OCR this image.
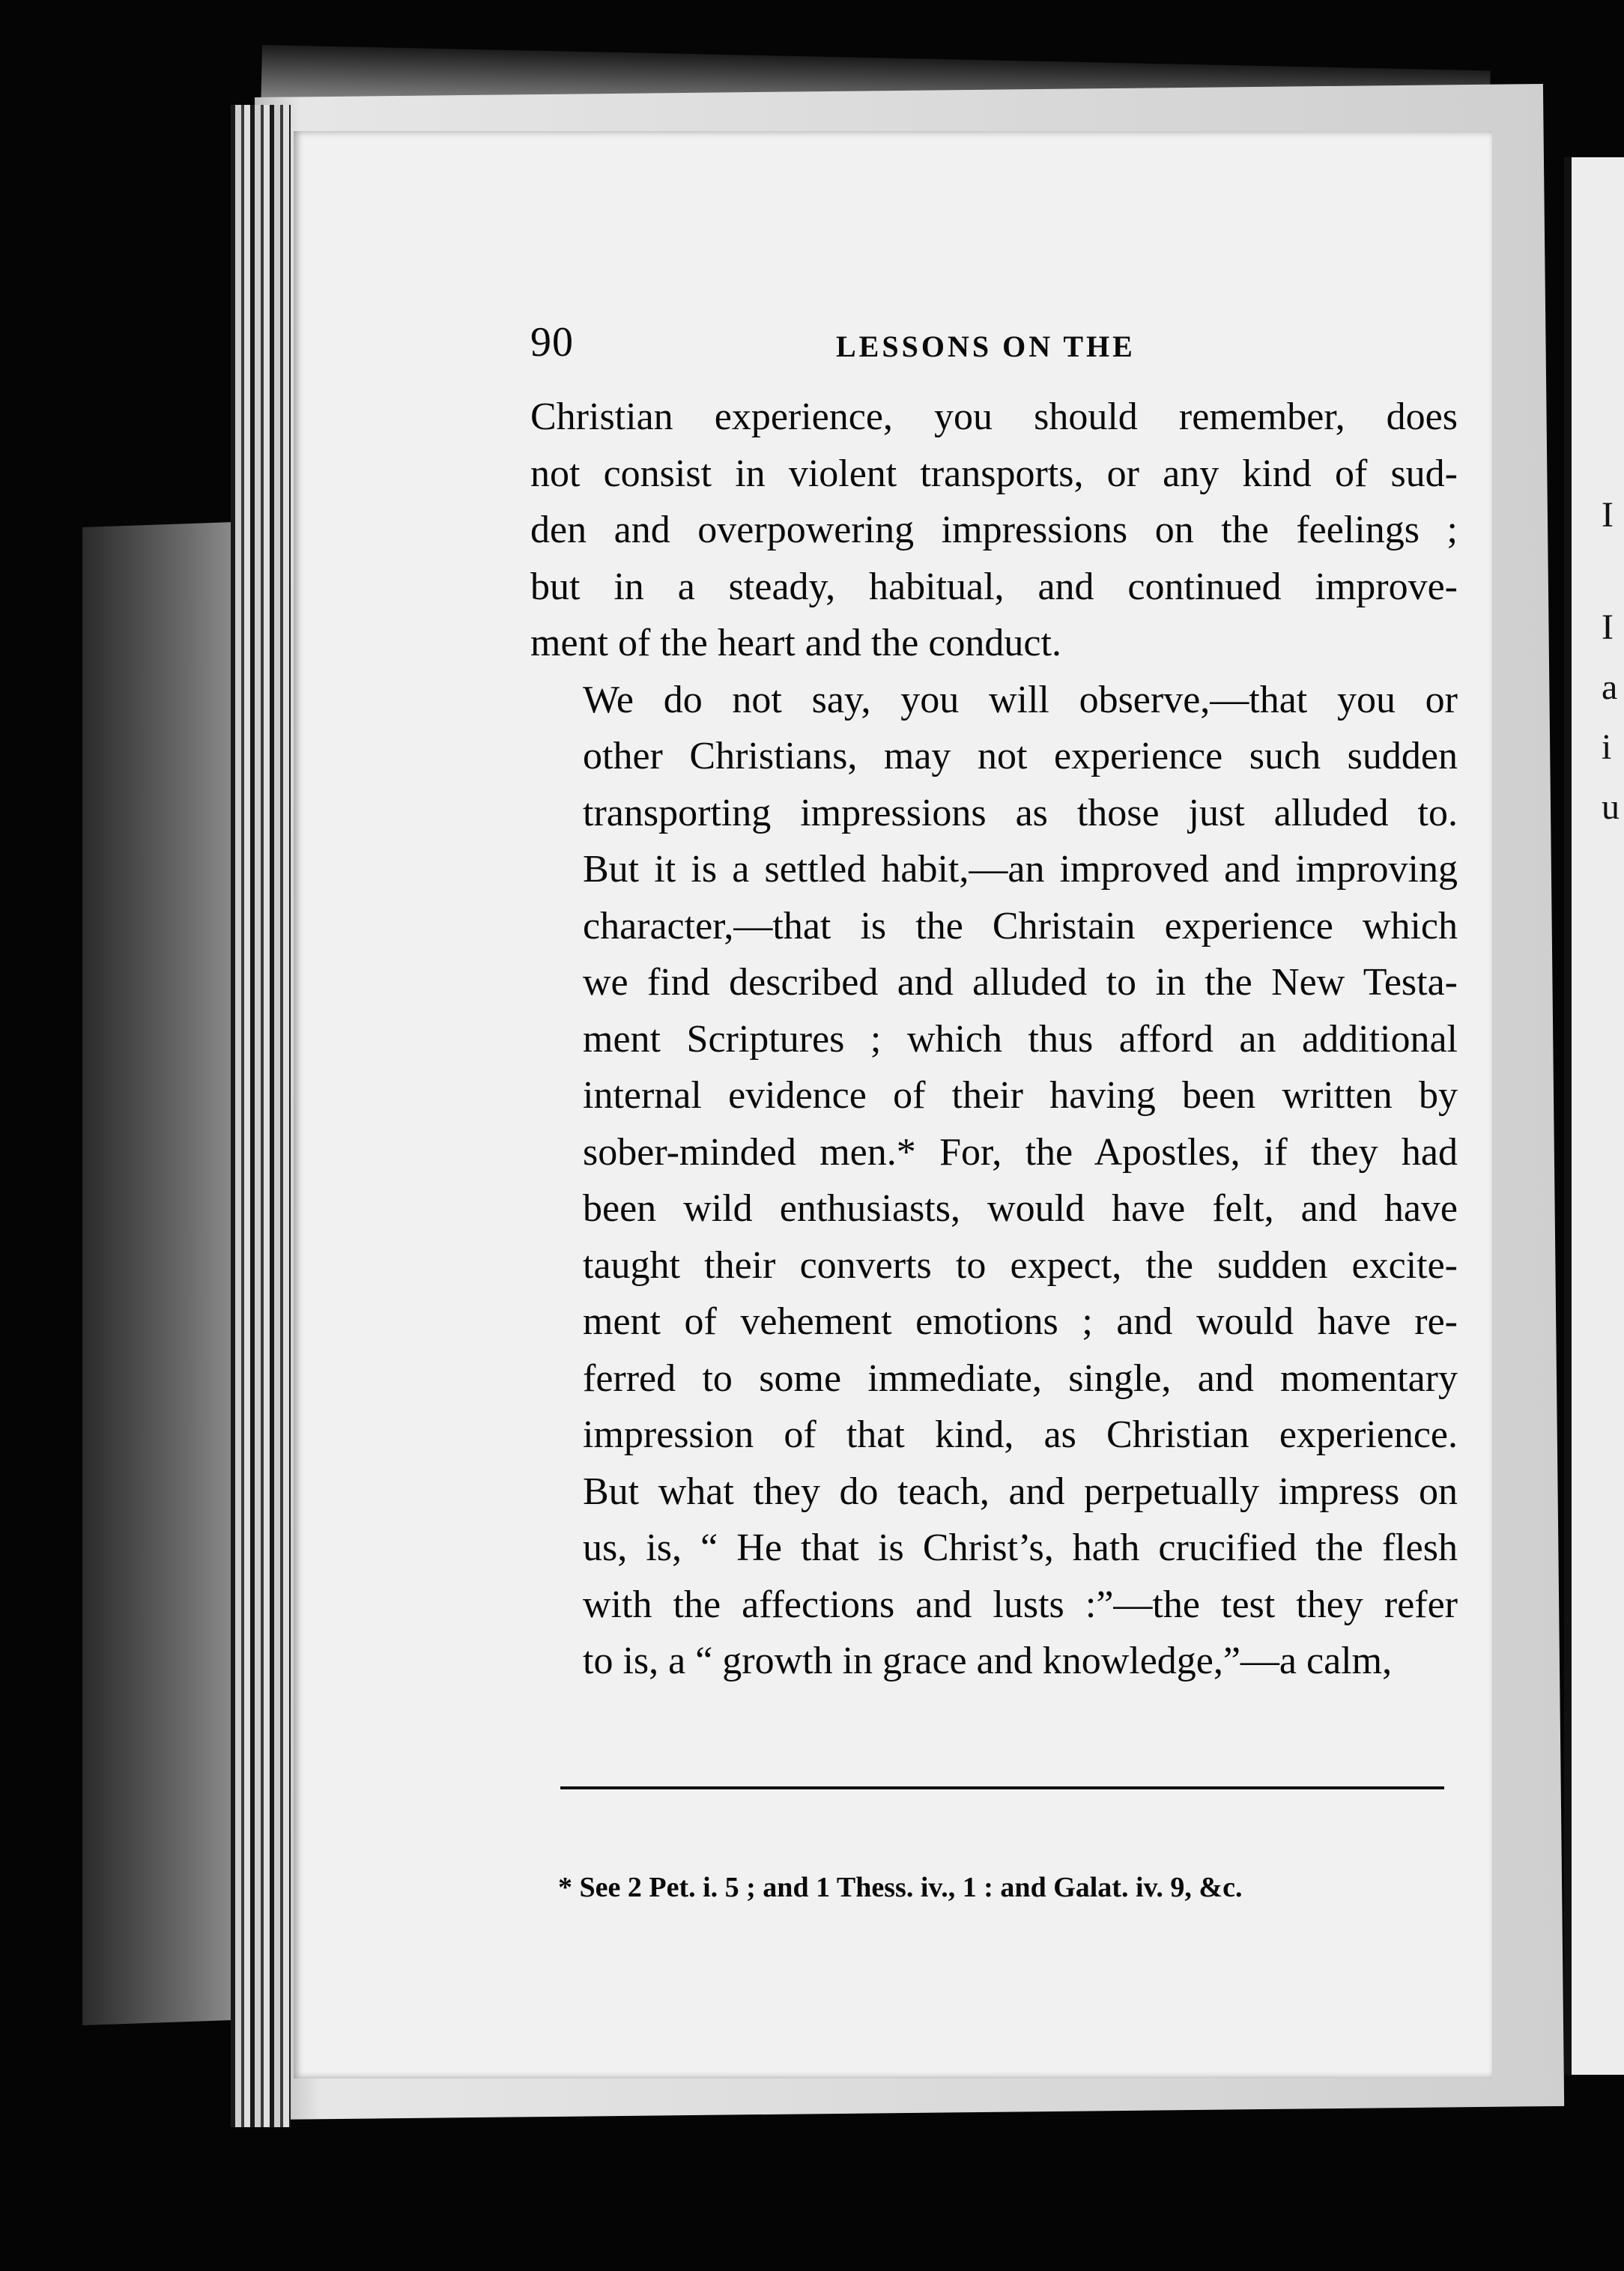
I
I
a
i
u
90	LESSONS ON THE
Christian experience, you should remember, does
not consist in violent transports, or any kind of sud-
den and overpowering impressions on the feelings ;
but in a steady, habitual, and continued improve-
ment of the heart and the conduct.
We do not say, you will observe,—that you or
other Christians, may not experience such sudden
transporting impressions as those just alluded to.
But it is a settled habit,—an improved and improving
character,—that is the Christain experience which
we find described and alluded to in the New Testa-
ment Scriptures ; which thus afford an additional
internal evidence of their having been written by
sober-minded men.* For, the Apostles, if they had
been wild enthusiasts, would have felt, and have
taught their converts to expect, the sudden excite-
ment of vehement emotions ; and would have re-
ferred to some immediate, single, and momentary
impression of that kind, as Christian experience.
But what they do teach, and perpetually impress on
us, is, “ He that is Christ’s, hath crucified the flesh
with the affections and lusts :”—the test they refer
to is, a “ growth in grace and knowledge,”—a calm,
* See 2 Pet. i. 5 ; and 1 Thess. iv., 1 : and Galat. iv. 9, &c.
